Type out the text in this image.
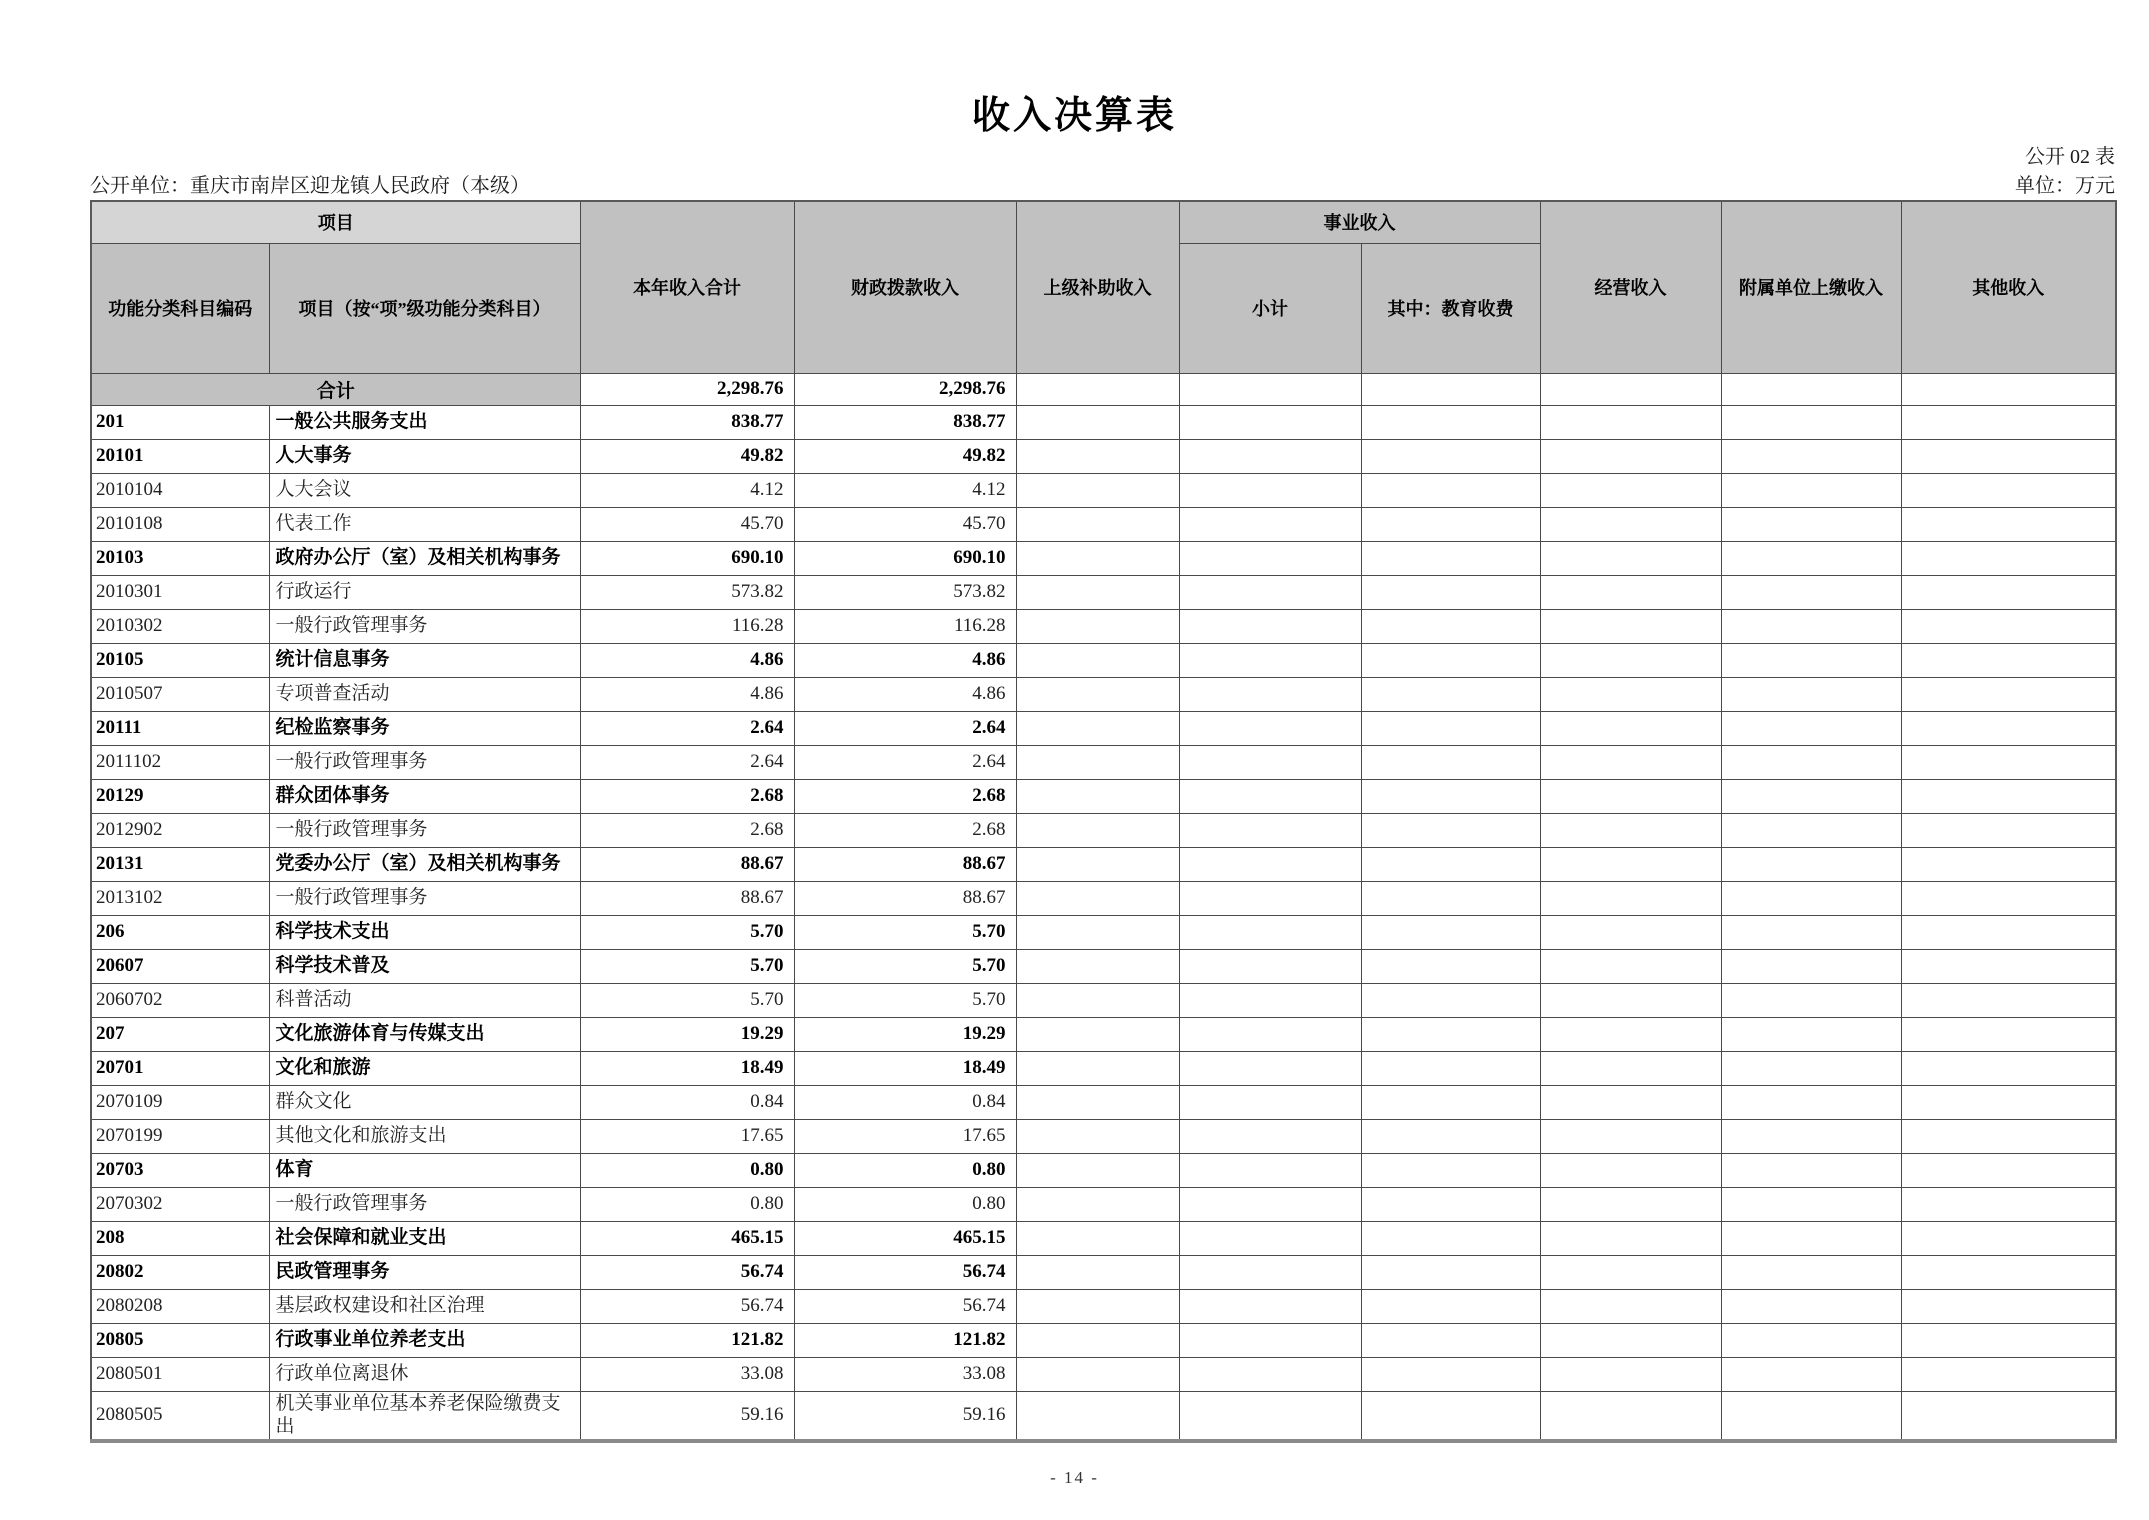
收入决算表
公开 02 表
公开单位：重庆市南岸区迎龙镇人民政府（本级）	单位：万元
项目		本年收入合计	财政拨款收入	上级补助收入	事业收入		经营收入	附属单位上缴收入	其他收入
功能分类科目编码	项目（按“项”级功能分类科目）				小计	其中：教育收费			
合计		2,298.76	2,298.76						
201	一般公共服务支出	838.77	838.77						
20101	人大事务	49.82	49.82						
2010104	人大会议	4.12	4.12						
2010108	代表工作	45.70	45.70						
20103	政府办公厅（室）及相关机构事务	690.10	690.10						
2010301	行政运行	573.82	573.82						
2010302	一般行政管理事务	116.28	116.28						
20105	统计信息事务	4.86	4.86						
2010507	专项普查活动	4.86	4.86						
20111	纪检监察事务	2.64	2.64						
2011102	一般行政管理事务	2.64	2.64						
20129	群众团体事务	2.68	2.68						
2012902	一般行政管理事务	2.68	2.68						
20131	党委办公厅（室）及相关机构事务	88.67	88.67						
2013102	一般行政管理事务	88.67	88.67						
206	科学技术支出	5.70	5.70						
20607	科学技术普及	5.70	5.70						
2060702	科普活动	5.70	5.70						
207	文化旅游体育与传媒支出	19.29	19.29						
20701	文化和旅游	18.49	18.49						
2070109	群众文化	0.84	0.84						
2070199	其他文化和旅游支出	17.65	17.65						
20703	体育	0.80	0.80						
2070302	一般行政管理事务	0.80	0.80						
208	社会保障和就业支出	465.15	465.15						
20802	民政管理事务	56.74	56.74						
2080208	基层政权建设和社区治理	56.74	56.74						
20805	行政事业单位养老支出	121.82	121.82						
2080501	行政单位离退休	33.08	33.08						
2080505	机关事业单位基本养老保险缴费支出	59.16	59.16						
- 14 -
